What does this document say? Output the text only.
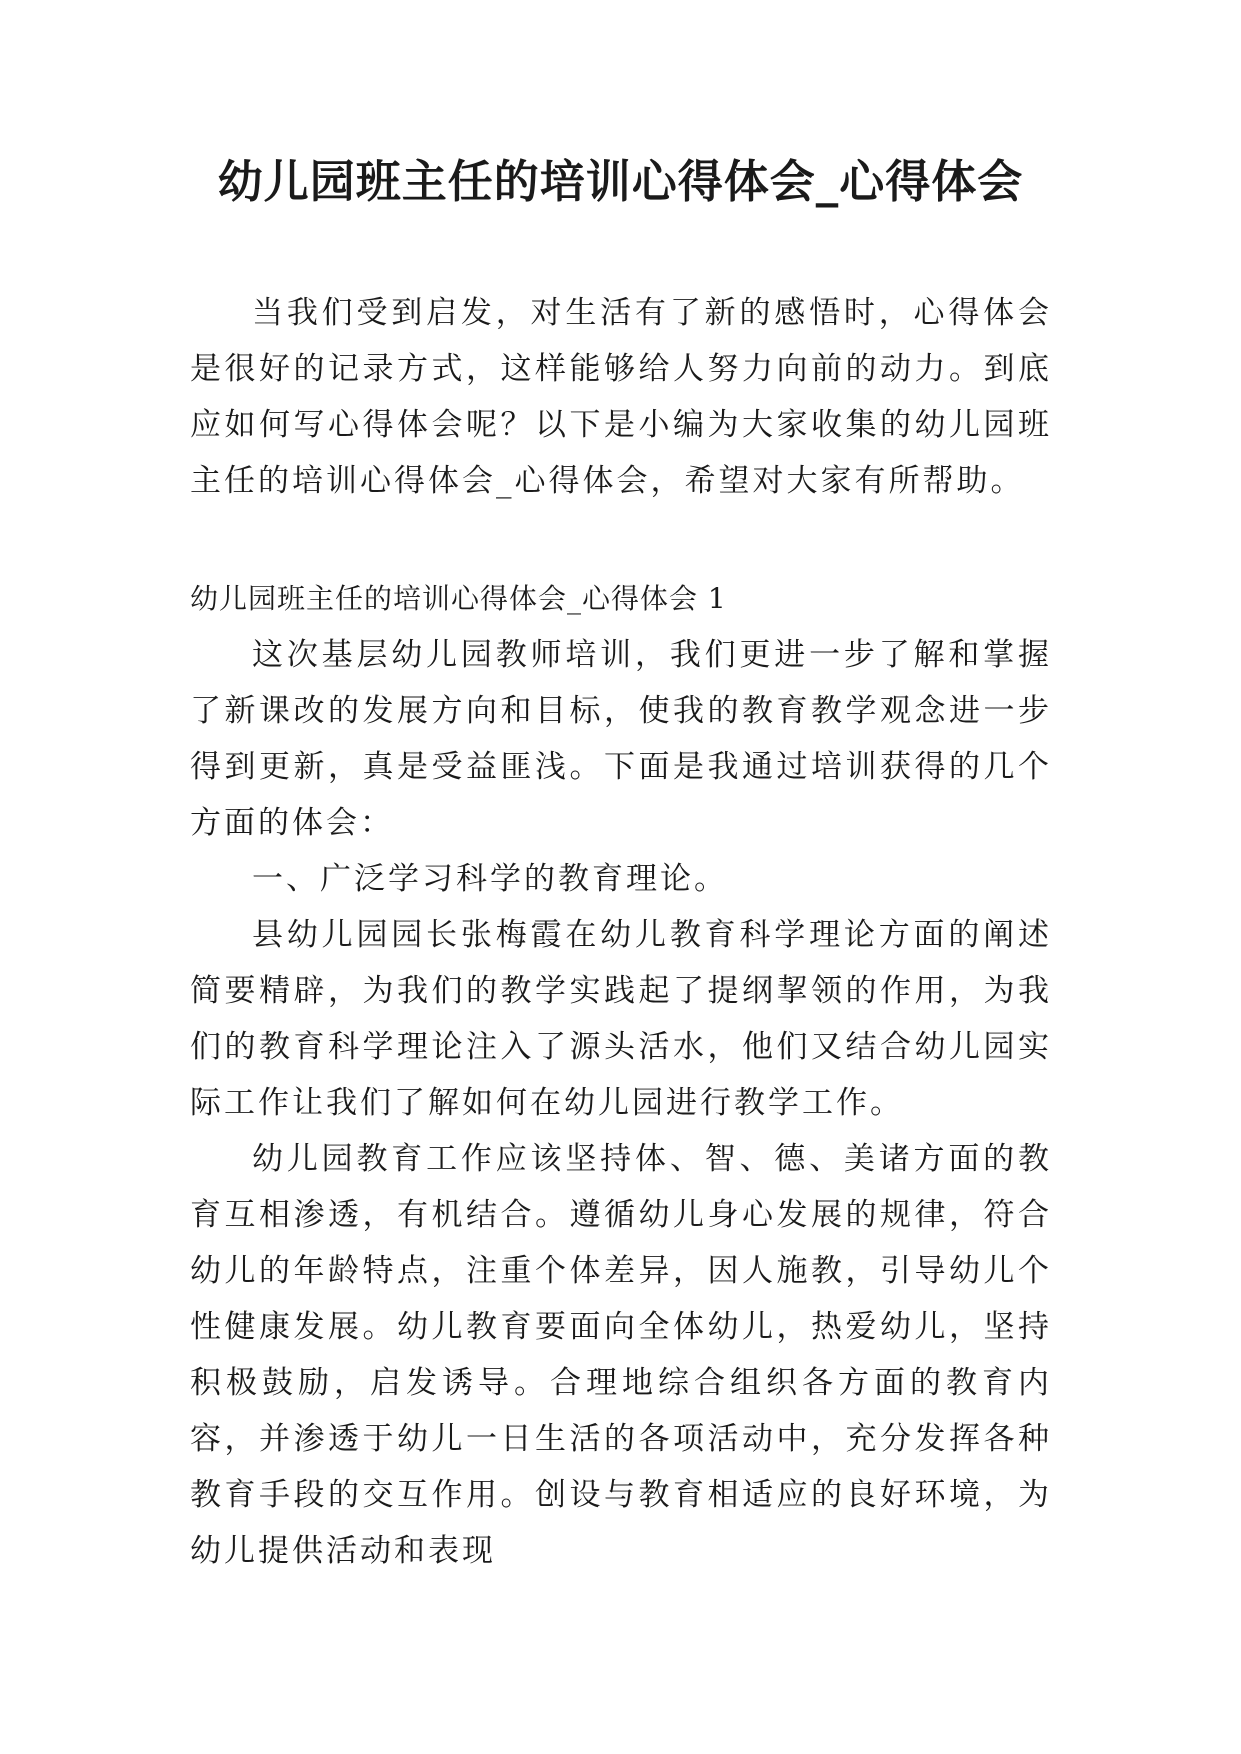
幼儿园班主任的培训心得体会_心得体会

当我们受到启发，对生活有了新的感悟时，心得体会是很好的记录方式，这样能够给人努力向前的动力。到底应如何写心得体会呢？以下是小编为大家收集的幼儿园班主任的培训心得体会_心得体会，希望对大家有所帮助。

幼儿园班主任的培训心得体会_心得体会 1

这次基层幼儿园教师培训，我们更进一步了解和掌握了新课改的发展方向和目标，使我的教育教学观念进一步得到更新，真是受益匪浅。下面是我通过培训获得的几个方面的体会：

一、广泛学习科学的教育理论。

县幼儿园园长张梅霞在幼儿教育科学理论方面的阐述简要精辟，为我们的教学实践起了提纲挈领的作用，为我们的教育科学理论注入了源头活水，他们又结合幼儿园实际工作让我们了解如何在幼儿园进行教学工作。

幼儿园教育工作应该坚持体、智、德、美诸方面的教育互相渗透，有机结合。遵循幼儿身心发展的规律，符合幼儿的年龄特点，注重个体差异，因人施教，引导幼儿个性健康发展。幼儿教育要面向全体幼儿，热爱幼儿，坚持积极鼓励，启发诱导。合理地综合组织各方面的教育内容，并渗透于幼儿一日生活的各项活动中，充分发挥各种教育手段的交互作用。创设与教育相适应的良好环境，为幼儿提供活动和表现
